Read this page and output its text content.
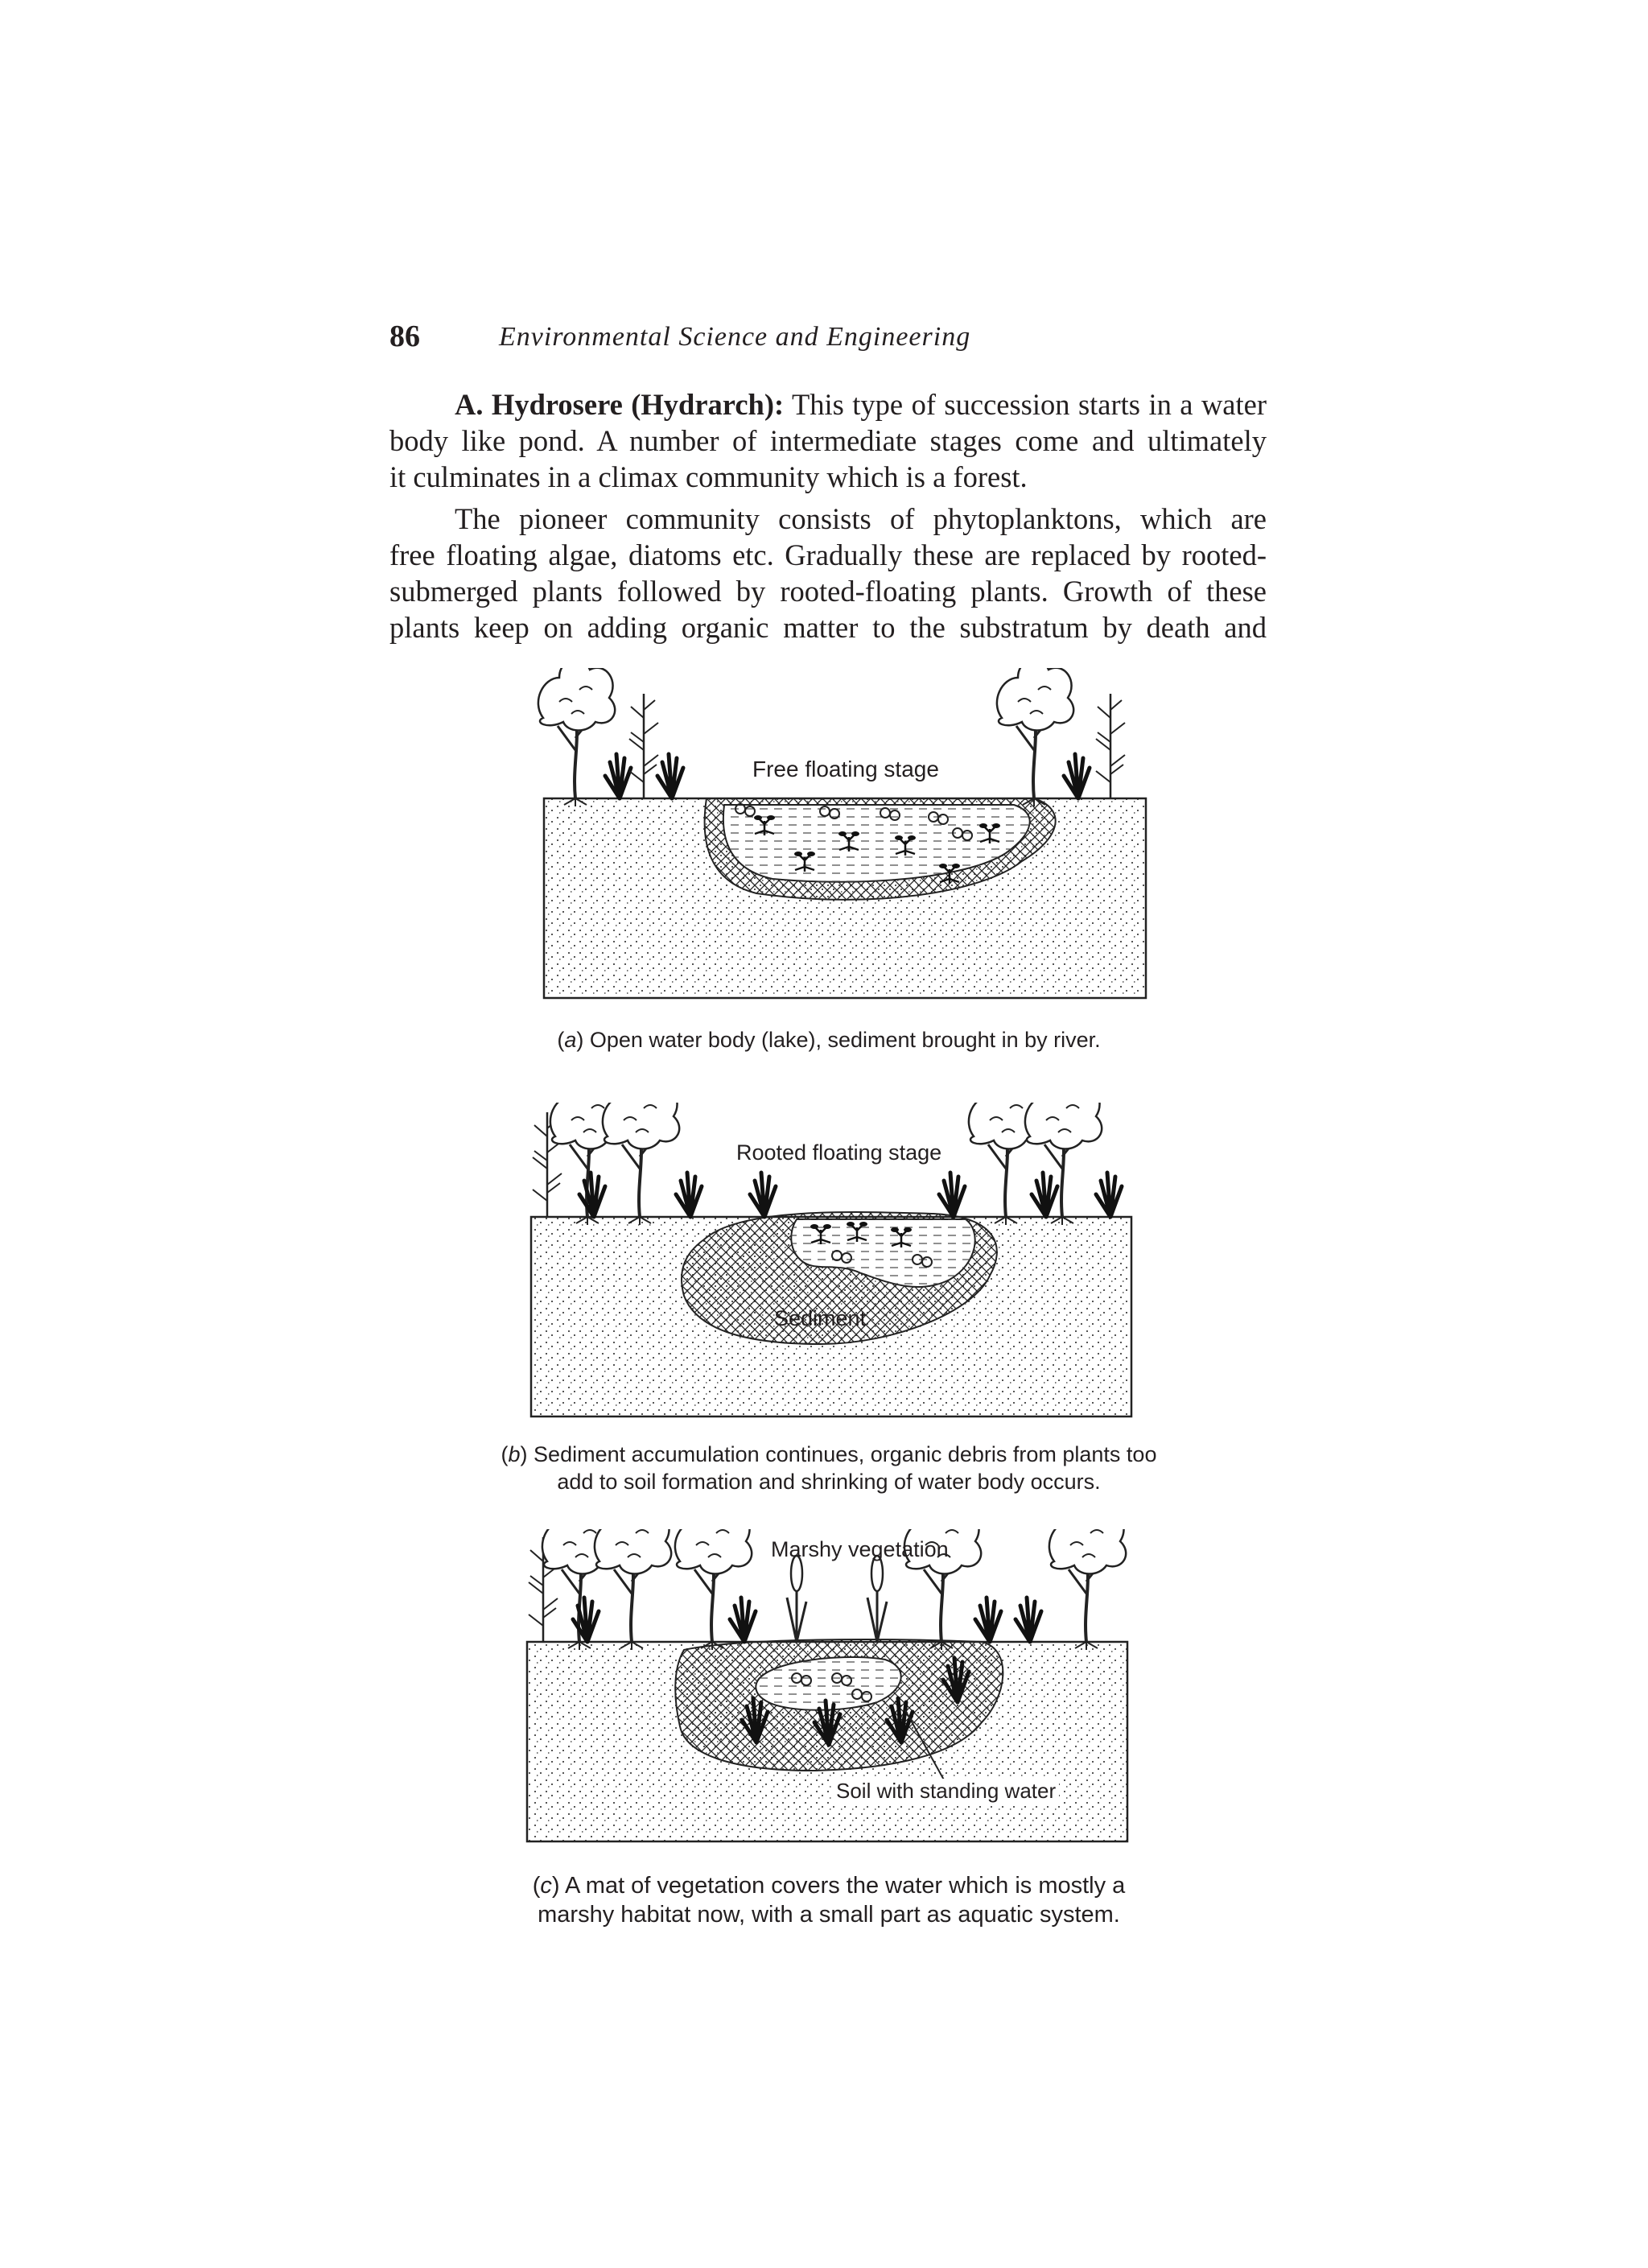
86	Environmental Science and Engineering
A. Hydrosere (Hydrarch): This type of succession starts in a water
body like pond. A number of intermediate stages come and ultimately
it culminates in a climax community which is a forest.
The pioneer community consists of phytoplanktons, which are
free floating algae, diatoms etc. Gradually these are replaced by rooted-
submerged plants followed by rooted-floating plants. Growth of these
plants keep on adding organic matter to the substratum by death and
Free floating stage
(a) Open water body (lake), sediment brought in by river.
Rooted floating stage
Sediment
(b) Sediment accumulation continues, organic debris from plants too
add to soil formation and shrinking of water body occurs.
Marshy vegetation
Soil with standing water
(c) A mat of vegetation covers the water which is mostly a
marshy habitat now, with a small part as aquatic system.
